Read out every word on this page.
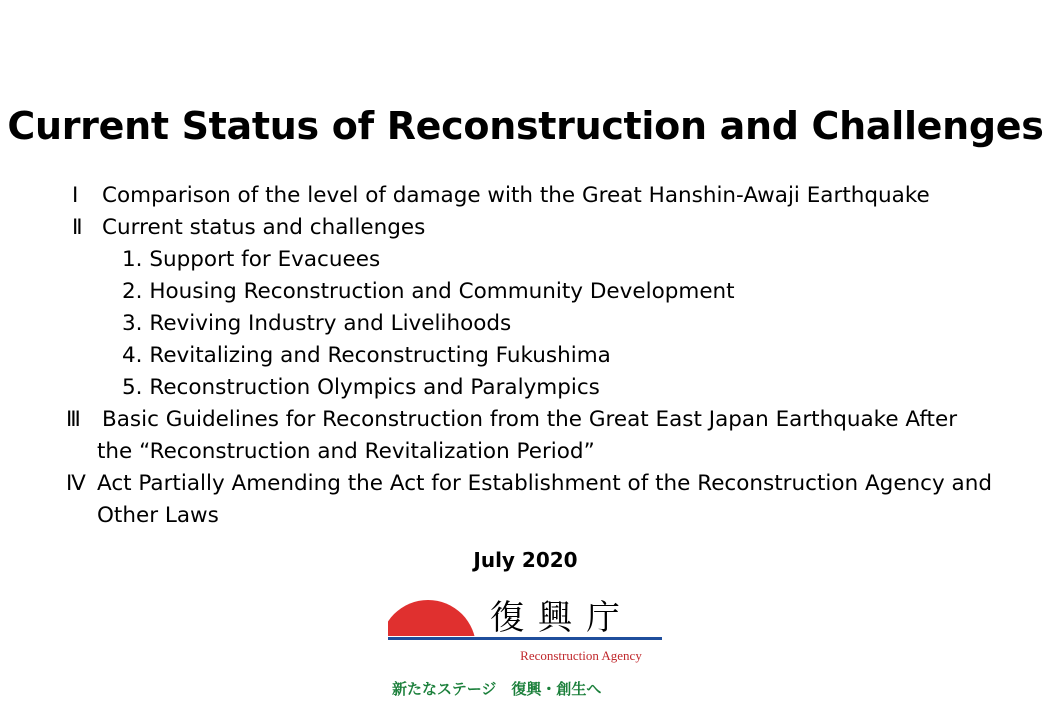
Current Status of Reconstruction and Challenges
Ⅰ Comparison of the level of damage with the Great Hanshin-Awaji Earthquake
Ⅱ Current status and challenges
1. Support for Evacuees
2. Housing Reconstruction and Community Development
3. Reviving Industry and Livelihoods
4. Revitalizing and Reconstructing Fukushima
5. Reconstruction Olympics and Paralympics
Ⅲ Basic Guidelines for Reconstruction from the Great East Japan Earthquake After
the “Reconstruction and Revitalization Period”
Ⅳ Act Partially Amending the Act for Establishment of the Reconstruction Agency and
Other Laws
July 2020
復興庁
Reconstruction Agency
新たなステージ　復興・創生へ
